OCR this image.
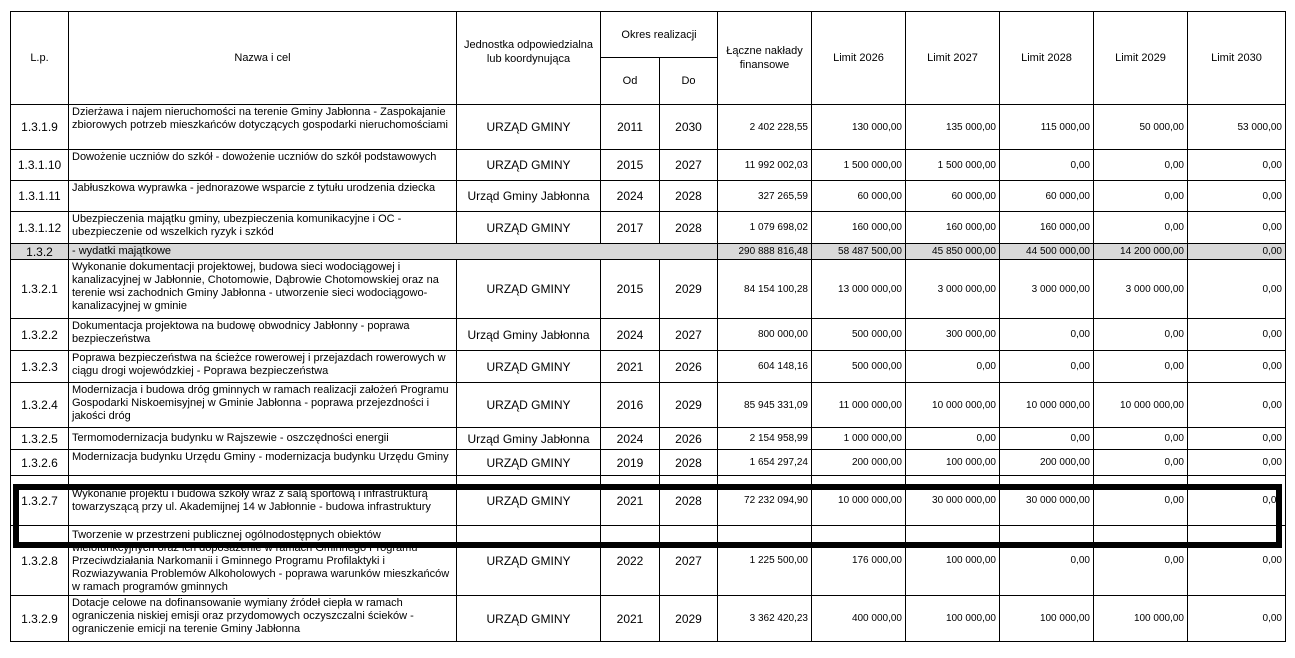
L.p.	Nazwa i cel	Jednostka odpowiedzialna lub koordynująca	Okres realizacji		Łączne nakłady finansowe	Limit 2026	Limit 2027	Limit 2028	Limit 2029	Limit 2030
			Od	Do						
1.3.1.9	Dzierżawa i najem nieruchomości na terenie Gminy Jabłonna - Zaspokajanie zbiorowych potrzeb mieszkańców dotyczących gospodarki nieruchomościami	URZĄD GMINY	2011	2030	2 402 228,55	130 000,00	135 000,00	115 000,00	50 000,00	53 000,00
1.3.1.10	Dowożenie uczniów do szkół - dowożenie uczniów do szkół podstawowych	URZĄD GMINY	2015	2027	11 992 002,03	1 500 000,00	1 500 000,00	0,00	0,00	0,00
1.3.1.11	Jabłuszkowa wyprawka - jednorazowe wsparcie z tytułu urodzenia dziecka	Urząd Gminy Jabłonna	2024	2028	327 265,59	60 000,00	60 000,00	60 000,00	0,00	0,00
1.3.1.12	Ubezpieczenia majątku gminy, ubezpieczenia komunikacyjne i OC - ubezpieczenie od wszelkich ryzyk i szkód	URZĄD GMINY	2017	2028	1 079 698,02	160 000,00	160 000,00	160 000,00	0,00	0,00
1.3.2	- wydatki majątkowe				290 888 816,48	58 487 500,00	45 850 000,00	44 500 000,00	14 200 000,00	0,00
1.3.2.1	Wykonanie dokumentacji projektowej, budowa sieci wodociągowej i kanalizacyjnej w Jabłonnie, Chotomowie, Dąbrowie Chotomowskiej oraz na terenie wsi zachodnich Gminy Jabłonna - utworzenie sieci wodociągowo-kanalizacyjnej w gminie	URZĄD GMINY	2015	2029	84 154 100,28	13 000 000,00	3 000 000,00	3 000 000,00	3 000 000,00	0,00
1.3.2.2	Dokumentacja projektowa na budowę obwodnicy Jabłonny - poprawa bezpieczeństwa	Urząd Gminy Jabłonna	2024	2027	800 000,00	500 000,00	300 000,00	0,00	0,00	0,00
1.3.2.3	Poprawa bezpieczeństwa na ścieżce rowerowej i przejazdach rowerowych w ciągu drogi wojewódzkiej - Poprawa bezpieczeństwa	URZĄD GMINY	2021	2026	604 148,16	500 000,00	0,00	0,00	0,00	0,00
1.3.2.4	Modernizacja i budowa dróg gminnych w ramach realizacji założeń Programu Gospodarki Niskoemisyjnej w Gminie Jabłonna - poprawa przejezdności i jakości dróg	URZĄD GMINY	2016	2029	85 945 331,09	11 000 000,00	10 000 000,00	10 000 000,00	10 000 000,00	0,00
1.3.2.5	Termomodernizacja budynku w Rajszewie - oszczędności energii	Urząd Gminy Jabłonna	2024	2026	2 154 958,99	1 000 000,00	0,00	0,00	0,00	0,00
1.3.2.6	Modernizacja budynku Urzędu Gminy - modernizacja budynku Urzędu Gminy	URZĄD GMINY	2019	2028	1 654 297,24	200 000,00	100 000,00	200 000,00	0,00	0,00
1.3.2.7	Wykonanie projektu i budowa szkoły wraz z salą sportową i infrastrukturą towarzyszącą przy ul. Akademijnej 14 w Jabłonnie - budowa infrastruktury	URZĄD GMINY	2021	2028	72 232 094,90	10 000 000,00	30 000 000,00	30 000 000,00	0,00	0,00
1.3.2.8	Tworzenie w przestrzeni publicznej ogólnodostępnych obiektów wielofunkcyjnych oraz ich doposażenie w ramach Gminnego Programu Przeciwdziałania Narkomanii i Gminnego Programu Profilaktyki i Rozwiazywania Problemów Alkoholowych - poprawa warunków mieszkańców w ramach programów gminnych	URZĄD GMINY	2022	2027	1 225 500,00	176 000,00	100 000,00	0,00	0,00	0,00
1.3.2.9	Dotacje celowe na dofinansowanie wymiany źródeł ciepła w ramach ograniczenia niskiej emisji oraz przydomowych oczyszczalni ścieków - ograniczenie emicji na terenie Gminy Jabłonna	URZĄD GMINY	2021	2029	3 362 420,23	400 000,00	100 000,00	100 000,00	100 000,00	0,00
